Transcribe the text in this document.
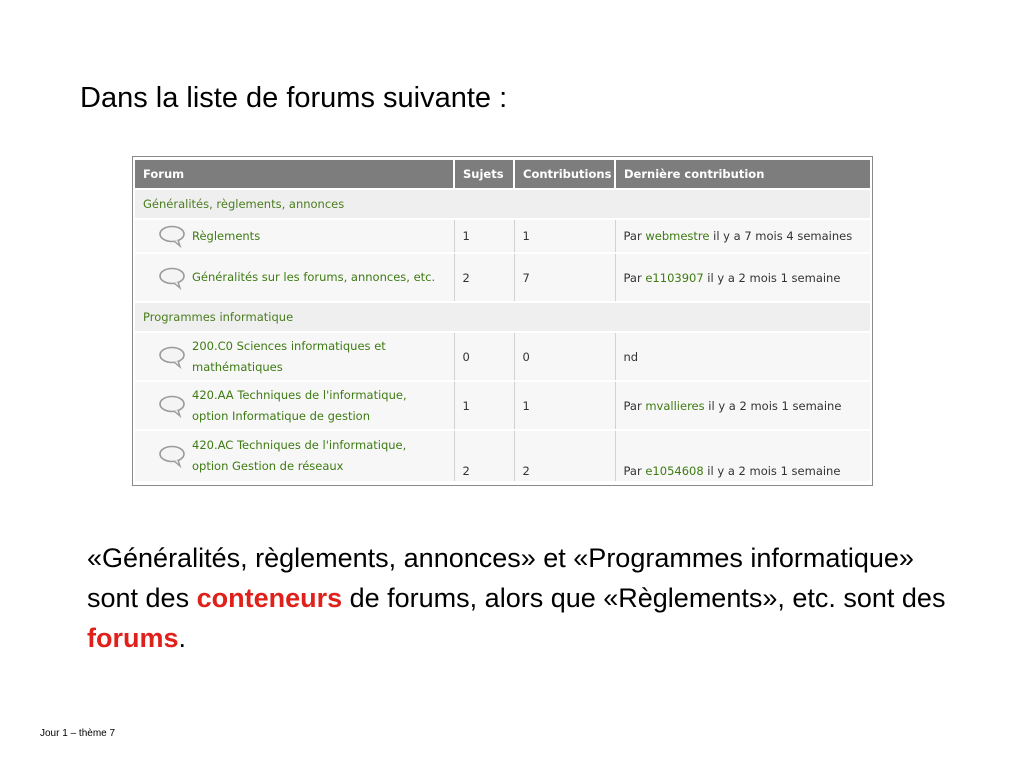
Dans la liste de forums suivante :
Forum	Sujets	Contributions	Dernière contribution
Généralités, règlements, annonces			

Règlements	1	1	Par webmestre il y a 7 mois 4 semaines

Généralités sur les forums, annonces, etc.	2	7	Par e1103907 il y a 2 mois 1 semaine
Programmes informatique			

200.C0 Sciences informatiques et mathématiques	0	0	nd

420.AA Techniques de l'informatique, option Informatique de gestion	1	1	Par mvallieres il y a 2 mois 1 semaine

420.AC Techniques de l'informatique, option Gestion de réseaux	2	2	Par e1054608 il y a 2 mois 1 semaine
«Généralités, règlements, annonces» et «Programmes informatique» sont des conteneurs de forums, alors que «Règlements», etc. sont des forums.
Jour 1 – thème 7
